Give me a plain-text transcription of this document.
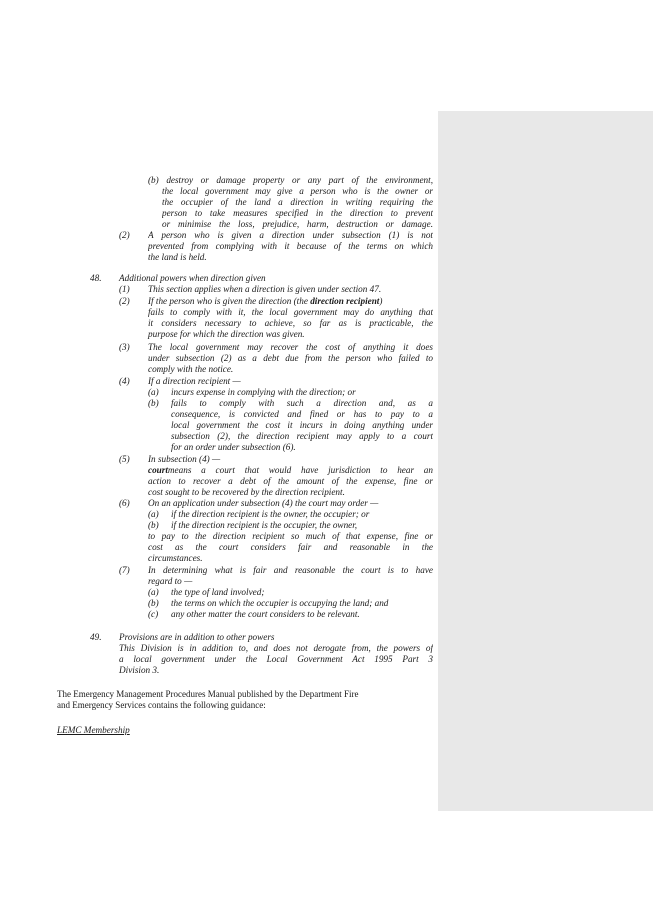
(b) destroy or damage property or any part of the environment,

the local government may give a person who is the owner or

the occupier of the land a direction in writing requiring the

person to take measures specified in the direction to prevent

or minimise the loss, prejudice, harm, destruction or damage.

(2) A person who is given a direction under subsection (1) is not

prevented from complying with it because of the terms on which

the land is held.

48. Additional powers when direction given

(1) This section applies when a direction is given under section 47.

(2) If the person who is given the direction (the direction recipient)

fails to comply with it, the local government may do anything that

it considers necessary to achieve, so far as is practicable, the

purpose for which the direction was given.

(3) The local government may recover the cost of anything it does

under subsection (2) as a debt due from the person who failed to

comply with the notice.

(4) If a direction recipient —

(a) incurs expense in complying with the direction; or

(b) fails to comply with such a direction and, as a

consequence, is convicted and fined or has to pay to a

local government the cost it incurs in doing anything under

subsection (2), the direction recipient may apply to a court

for an order under subsection (6).

(5) In subsection (4) —

court means a court that would have jurisdiction to hear an

action to recover a debt of the amount of the expense, fine or

cost sought to be recovered by the direction recipient.

(6) On an application under subsection (4) the court may order —

(a) if the direction recipient is the owner, the occupier; or

(b) if the direction recipient is the occupier, the owner,

to pay to the direction recipient so much of that expense, fine or

cost as the court considers fair and reasonable in the

circumstances.

(7) In determining what is fair and reasonable the court is to have

regard to —

(a) the type of land involved;

(b) the terms on which the occupier is occupying the land; and

(c) any other matter the court considers to be relevant.

49. Provisions are in addition to other powers

This Division is in addition to, and does not derogate from, the powers of

a local government under the Local Government Act 1995 Part 3

Division 3.

The Emergency Management Procedures Manual published by the Department Fire

and Emergency Services contains the following guidance:

LEMC Membership
